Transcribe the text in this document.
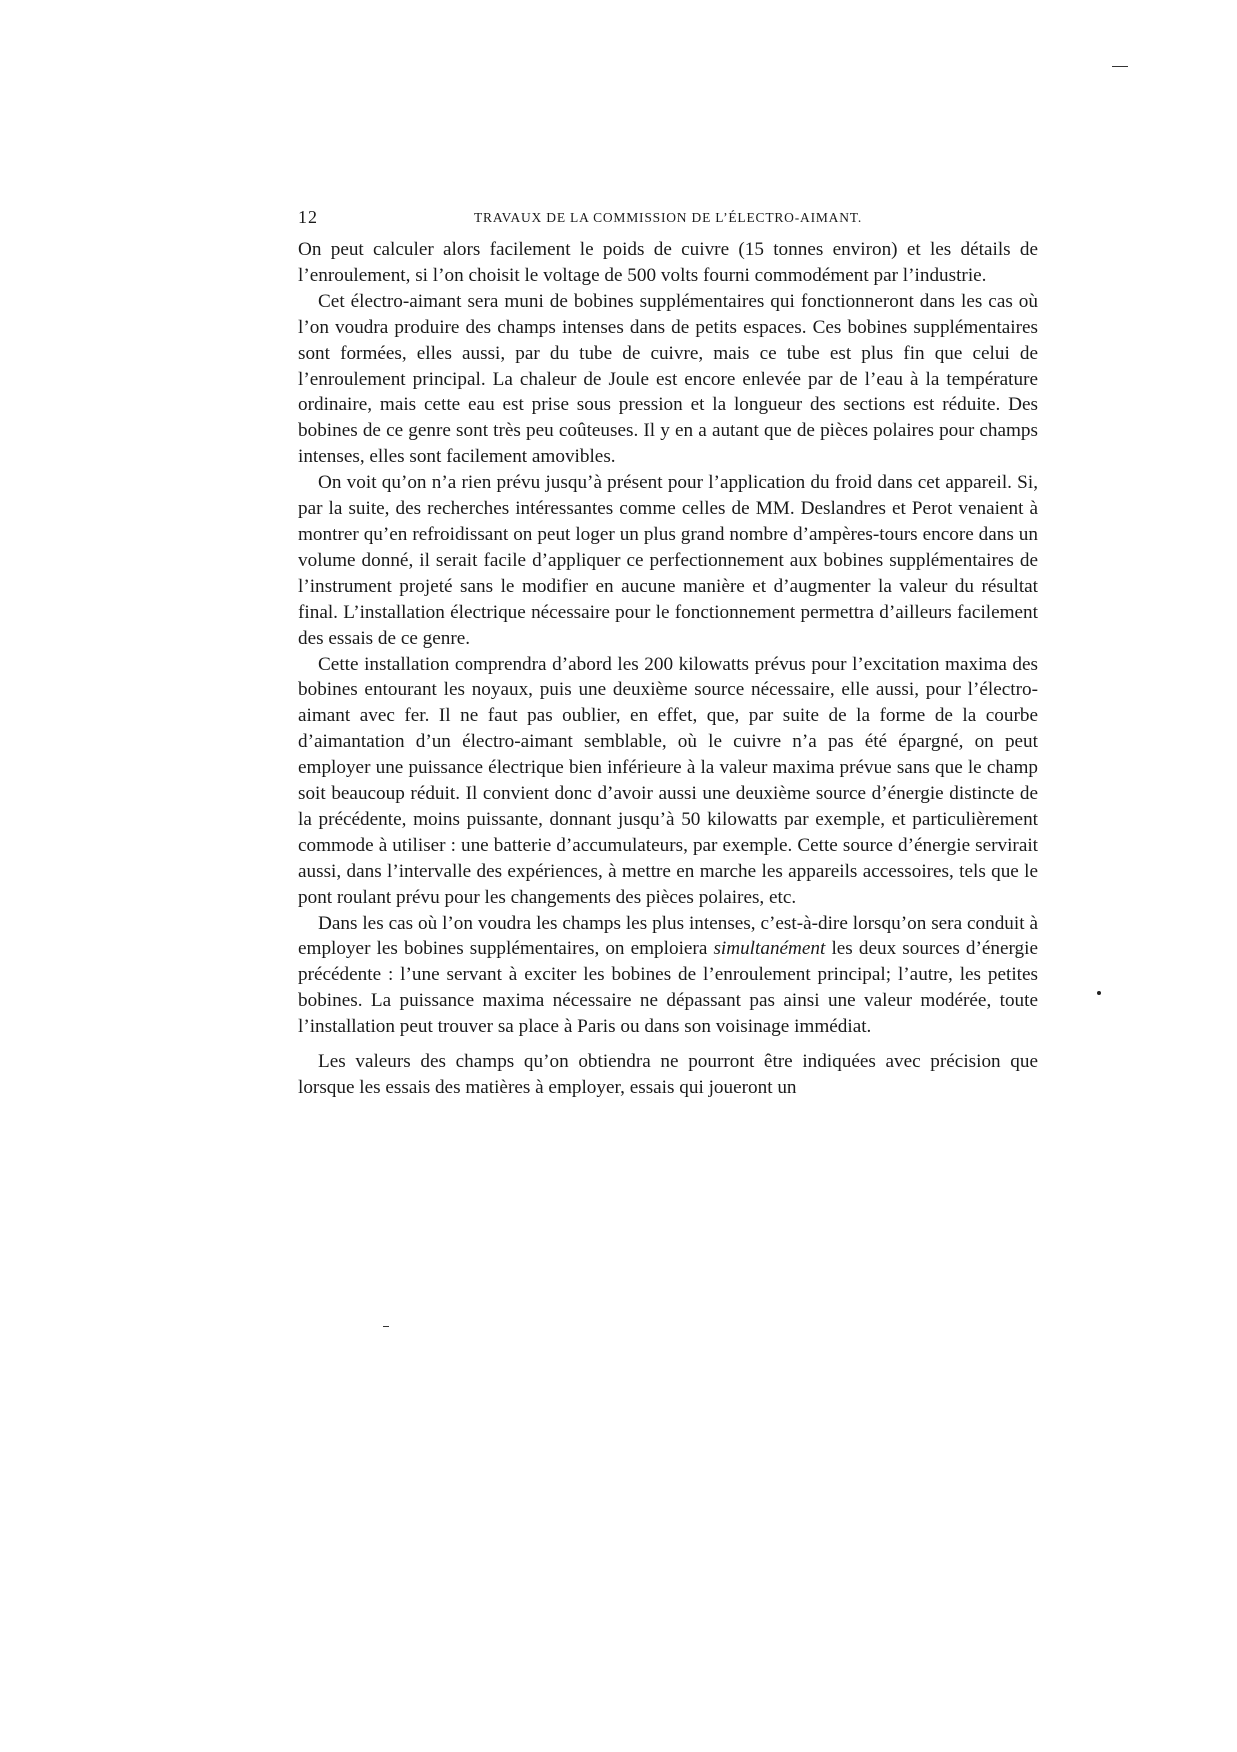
12	TRAVAUX DE LA COMMISSION DE L’ÉLECTRO-AIMANT.

On peut calculer alors facilement le poids de cuivre (15 tonnes environ) et les détails de l’enroulement, si l’on choisit le voltage de 500 volts fourni commodément par l’industrie.

Cet électro-aimant sera muni de bobines supplémentaires qui fonctionneront dans les cas où l’on voudra produire des champs intenses dans de petits espaces. Ces bobines supplémentaires sont formées, elles aussi, par du tube de cuivre, mais ce tube est plus fin que celui de l’enroulement principal. La chaleur de Joule est encore enlevée par de l’eau à la température ordinaire, mais cette eau est prise sous pression et la longueur des sections est réduite. Des bobines de ce genre sont très peu coûteuses. Il y en a autant que de pièces polaires pour champs intenses, elles sont facilement amovibles.

On voit qu’on n’a rien prévu jusqu’à présent pour l’application du froid dans cet appareil. Si, par la suite, des recherches intéressantes comme celles de MM. Deslandres et Perot venaient à montrer qu’en refroidissant on peut loger un plus grand nombre d’ampères-tours encore dans un volume donné, il serait facile d’appliquer ce perfectionnement aux bobines supplémentaires de l’instrument projeté sans le modifier en aucune manière et d’augmenter la valeur du résultat final. L’installation électrique nécessaire pour le fonctionnement permettra d’ailleurs facilement des essais de ce genre.

Cette installation comprendra d’abord les 200 kilowatts prévus pour l’excitation maxima des bobines entourant les noyaux, puis une deuxième source nécessaire, elle aussi, pour l’électro-aimant avec fer. Il ne faut pas oublier, en effet, que, par suite de la forme de la courbe d’aimantation d’un électro-aimant semblable, où le cuivre n’a pas été épargné, on peut employer une puissance électrique bien inférieure à la valeur maxima prévue sans que le champ soit beaucoup réduit. Il convient donc d’avoir aussi une deuxième source d’énergie distincte de la précédente, moins puissante, donnant jusqu’à 50 kilowatts par exemple, et particulièrement commode à utiliser : une batterie d’accumulateurs, par exemple. Cette source d’énergie servirait aussi, dans l’intervalle des expériences, à mettre en marche les appareils accessoires, tels que le pont roulant prévu pour les changements des pièces polaires, etc.

Dans les cas où l’on voudra les champs les plus intenses, c’est-à-dire lorsqu’on sera conduit à employer les bobines supplémentaires, on emploiera simultanément les deux sources d’énergie précédente : l’une servant à exciter les bobines de l’enroulement principal; l’autre, les petites bobines. La puissance maxima nécessaire ne dépassant pas ainsi une valeur modérée, toute l’installation peut trouver sa place à Paris ou dans son voisinage immédiat.

Les valeurs des champs qu’on obtiendra ne pourront être indiquées avec précision que lorsque les essais des matières à employer, essais qui joueront un
